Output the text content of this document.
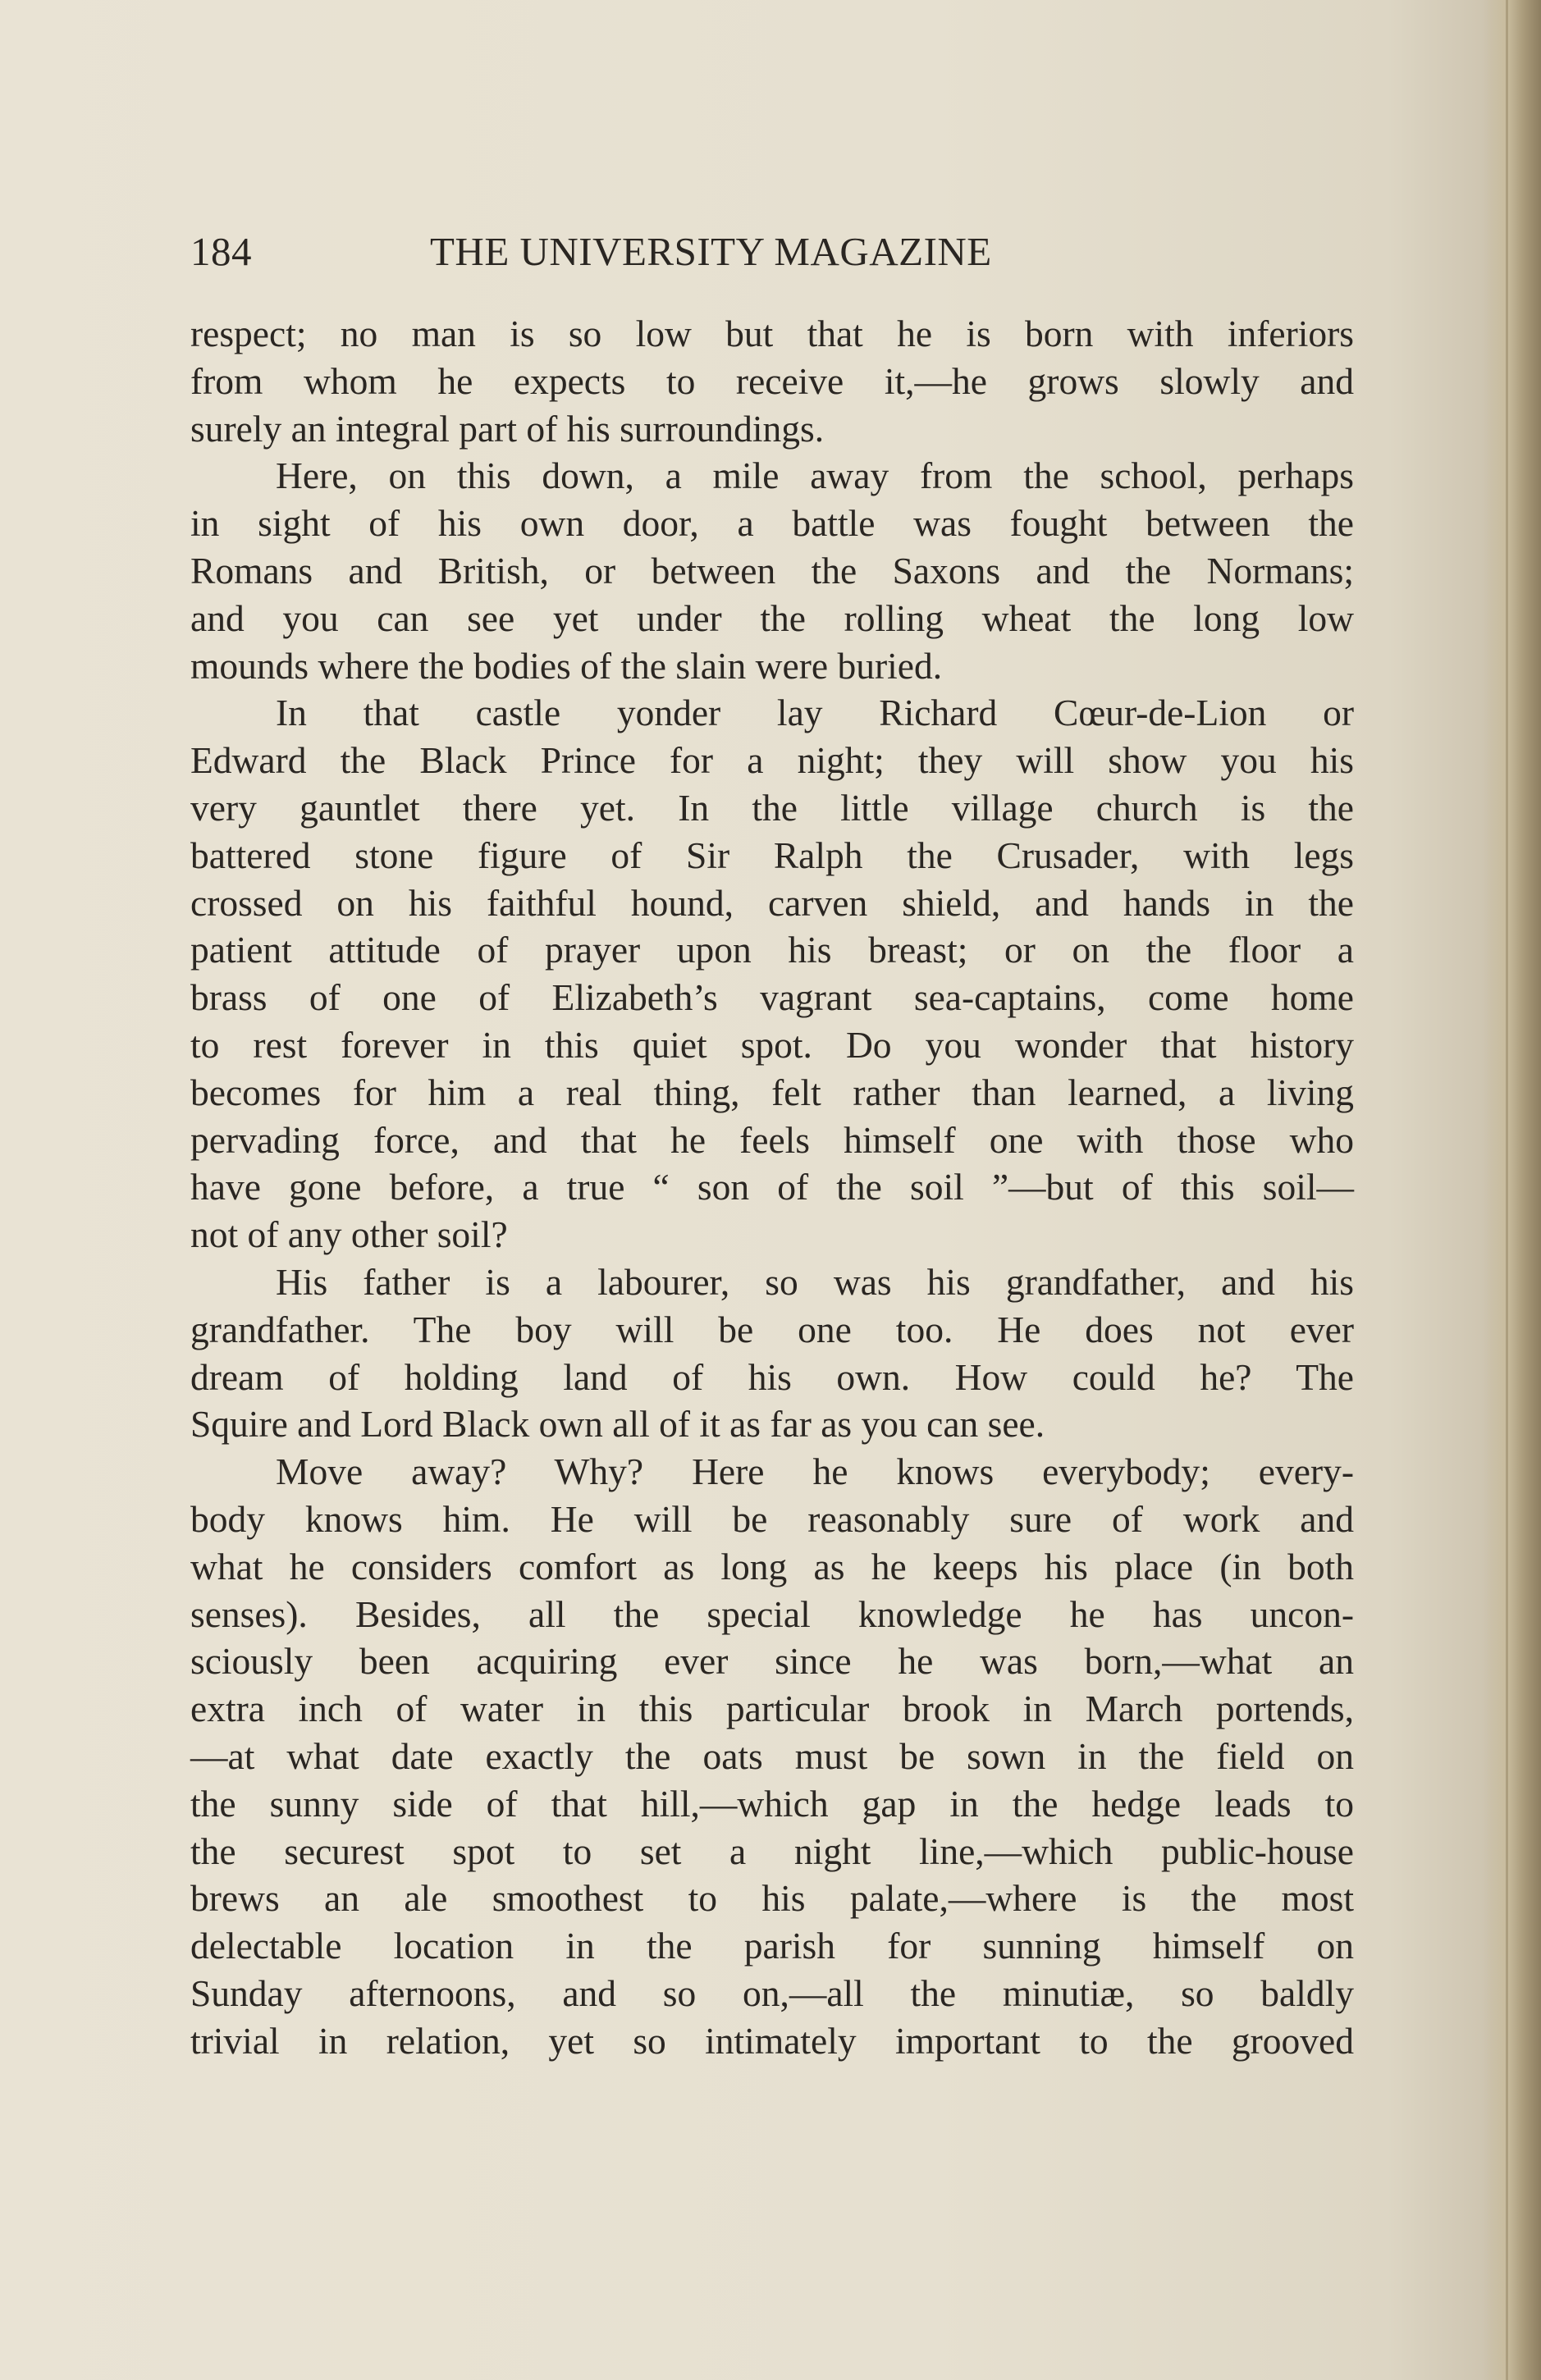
184	THE UNIVERSITY MAGAZINE
respect; no man is so low but that he is born with inferiors
from whom he expects to receive it,—he grows slowly and
surely an integral part of his surroundings.
Here, on this down, a mile away from the school, perhaps
in sight of his own door, a battle was fought between the
Romans and British, or between the Saxons and the Normans;
and you can see yet under the rolling wheat the long low
mounds where the bodies of the slain were buried.
In that castle yonder lay Richard Cœur-de-Lion or
Edward the Black Prince for a night; they will show you his
very gauntlet there yet. In the little village church is the
battered stone figure of Sir Ralph the Crusader, with legs
crossed on his faithful hound, carven shield, and hands in the
patient attitude of prayer upon his breast; or on the floor a
brass of one of Elizabeth’s vagrant sea-captains, come home
to rest forever in this quiet spot. Do you wonder that history
becomes for him a real thing, felt rather than learned, a living
pervading force, and that he feels himself one with those who
have gone before, a true “ son of the soil ”—but of this soil—
not of any other soil?
His father is a labourer, so was his grandfather, and his
grandfather. The boy will be one too. He does not ever
dream of holding land of his own. How could he? The
Squire and Lord Black own all of it as far as you can see.
Move away? Why? Here he knows everybody; every-
body knows him. He will be reasonably sure of work and
what he considers comfort as long as he keeps his place (in both
senses). Besides, all the special knowledge he has uncon-
sciously been acquiring ever since he was born,—what an
extra inch of water in this particular brook in March portends,
—at what date exactly the oats must be sown in the field on
the sunny side of that hill,—which gap in the hedge leads to
the securest spot to set a night line,—which public-house
brews an ale smoothest to his palate,—where is the most
delectable location in the parish for sunning himself on
Sunday afternoons, and so on,—all the minutiæ, so baldly
trivial in relation, yet so intimately important to the grooved
